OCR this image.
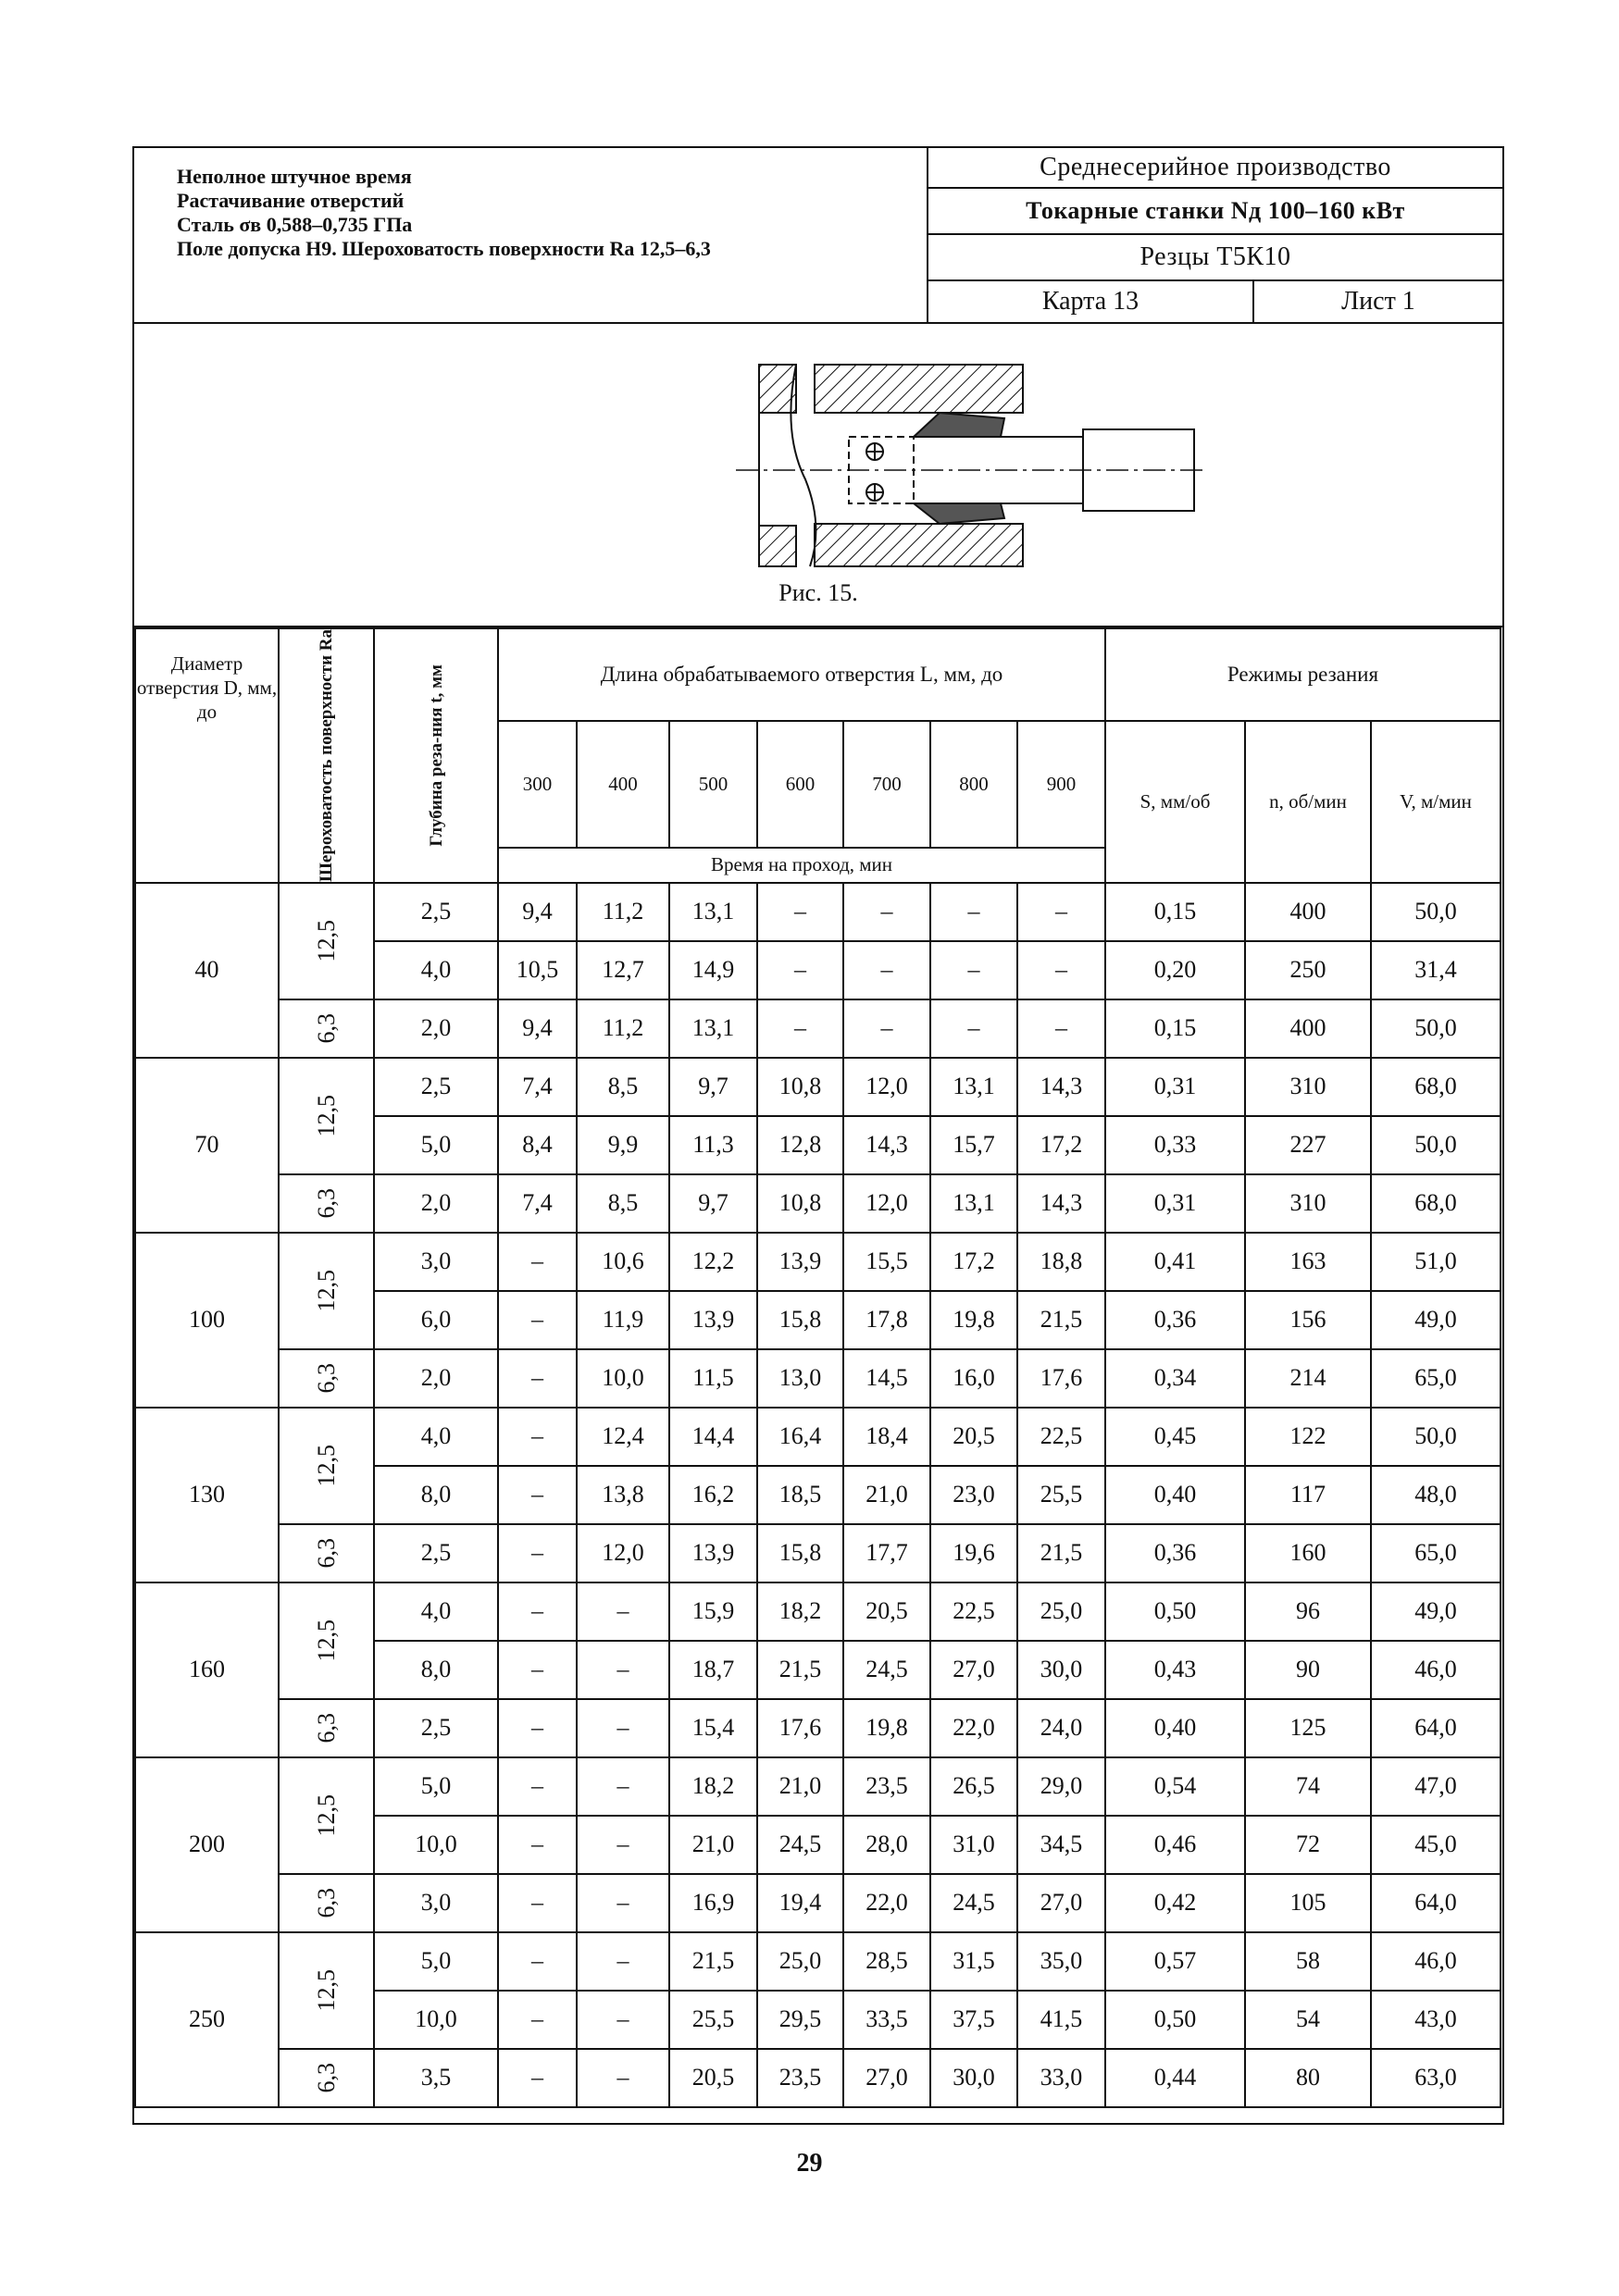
Неполное штучное время
Растачивание отверстий
Сталь σв 0,588–0,735 ГПа
Поле допуска Н9. Шероховатость поверхности Ra 12,5–6,3
Среднесерийное производство
Токарные станки Nд 100–160 кВт
Резцы Т5К10
Карта 13	Лист 1
Рис. 15.
Диаметр отверстия D, мм, до	Шероховатость поверхности Ra	Глубина реза-ния t, мм	Длина обрабатываемого отверстия L, мм, до							Режимы резания		
			300	400	500	600	700	800	900	S, мм/об	n, об/мин	V, м/мин
			Время на проход, мин									
40	12,5	2,5	9,4	11,2	13,1	–	–	–	–	0,15	400	50,0
		4,0	10,5	12,7	14,9	–	–	–	–	0,20	250	31,4

	6,3	2,0	9,4	11,2	13,1	–	–	–	–	0,15	400	50,0
70	12,5	2,5	7,4	8,5	9,7	10,8	12,0	13,1	14,3	0,31	310	68,0
		5,0	8,4	9,9	11,3	12,8	14,3	15,7	17,2	0,33	227	50,0

	6,3	2,0	7,4	8,5	9,7	10,8	12,0	13,1	14,3	0,31	310	68,0
100	12,5	3,0	–	10,6	12,2	13,9	15,5	17,2	18,8	0,41	163	51,0
		6,0	–	11,9	13,9	15,8	17,8	19,8	21,5	0,36	156	49,0

	6,3	2,0	–	10,0	11,5	13,0	14,5	16,0	17,6	0,34	214	65,0
130	12,5	4,0	–	12,4	14,4	16,4	18,4	20,5	22,5	0,45	122	50,0
		8,0	–	13,8	16,2	18,5	21,0	23,0	25,5	0,40	117	48,0

	6,3	2,5	–	12,0	13,9	15,8	17,7	19,6	21,5	0,36	160	65,0
160	12,5	4,0	–	–	15,9	18,2	20,5	22,5	25,0	0,50	96	49,0
		8,0	–	–	18,7	21,5	24,5	27,0	30,0	0,43	90	46,0

	6,3	2,5	–	–	15,4	17,6	19,8	22,0	24,0	0,40	125	64,0
200	12,5	5,0	–	–	18,2	21,0	23,5	26,5	29,0	0,54	74	47,0
		10,0	–	–	21,0	24,5	28,0	31,0	34,5	0,46	72	45,0

	6,3	3,0	–	–	16,9	19,4	22,0	24,5	27,0	0,42	105	64,0
250	12,5	5,0	–	–	21,5	25,0	28,5	31,5	35,0	0,57	58	46,0
		10,0	–	–	25,5	29,5	33,5	37,5	41,5	0,50	54	43,0

	6,3	3,5	–	–	20,5	23,5	27,0	30,0	33,0	0,44	80	63,0
29
